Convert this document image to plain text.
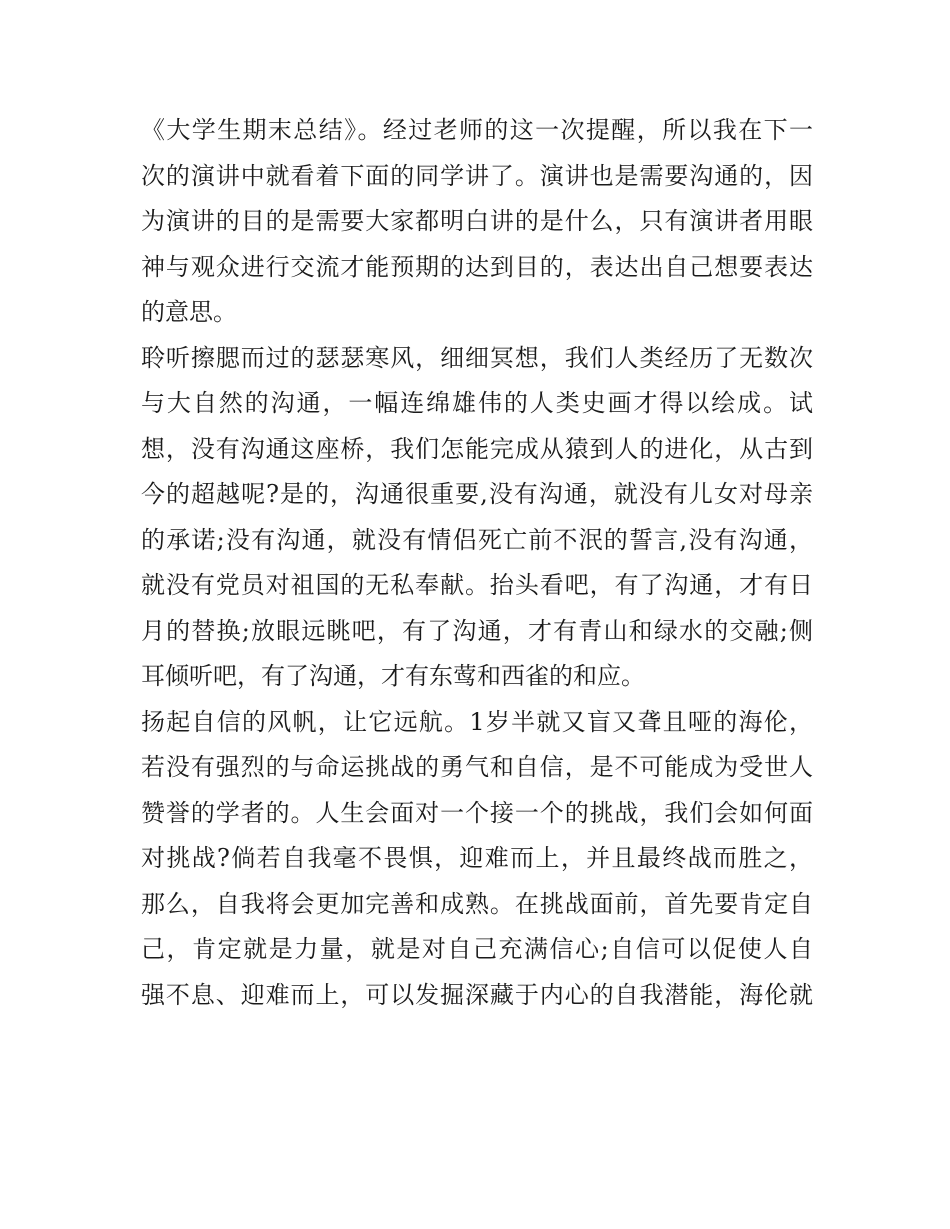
《大学生期末总结》。经过老师的这一次提醒，所以我在下一
次的演讲中就看着下面的同学讲了。演讲也是需要沟通的，因
为演讲的目的是需要大家都明白讲的是什么，只有演讲者用眼
神与观众进行交流才能预期的达到目的，表达出自己想要表达
的意思。
聆听擦腮而过的瑟瑟寒风，细细冥想，我们人类经历了无数次
与大自然的沟通，一幅连绵雄伟的人类史画才得以绘成。试
想，没有沟通这座桥，我们怎能完成从猿到人的进化，从古到
今的超越呢?是的，沟通很重要,没有沟通，就没有儿女对母亲
的承诺;没有沟通，就没有情侣死亡前不泯的誓言,没有沟通，
就没有党员对祖国的无私奉献。抬头看吧，有了沟通，才有日
月的替换;放眼远眺吧，有了沟通，才有青山和绿水的交融;侧
耳倾听吧，有了沟通，才有东莺和西雀的和应。
扬起自信的风帆，让它远航。1岁半就又盲又聋且哑的海伦，
若没有强烈的与命运挑战的勇气和自信，是不可能成为受世人
赞誉的学者的。人生会面对一个接一个的挑战，我们会如何面
对挑战?倘若自我毫不畏惧，迎难而上，并且最终战而胜之，
那么，自我将会更加完善和成熟。在挑战面前，首先要肯定自
己，肯定就是力量，就是对自己充满信心;自信可以促使人自
强不息、迎难而上，可以发掘深藏于内心的自我潜能，海伦就
